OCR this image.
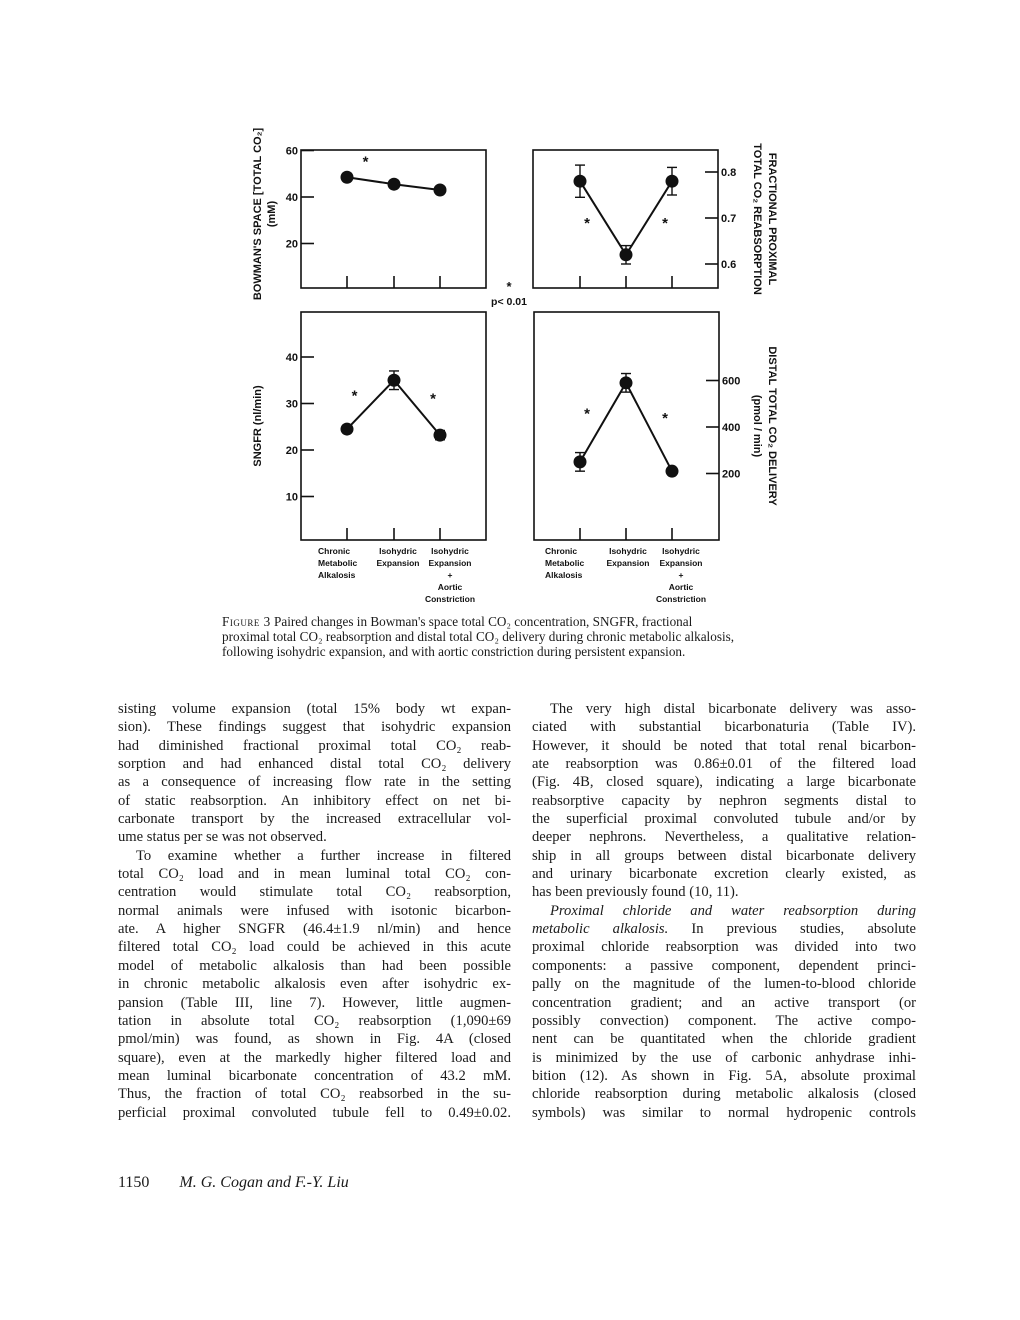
20
40
60
*
BOWMAN'S SPACE [TOTAL CO₂] (mM)
0.6
0.7
0.8
*	*	FRACTIONAL PROXIMAL
TOTAL CO₂ REABSORPTION
10
20
30
40
*	*
SNGFR (nl/min)
Chronic
Metabolic
Alkalosis
Isohydric
Expansion
Isohydric
Expansion
+
Aortic
Constriction
200
400
600
*	*	DISTAL TOTAL CO₂ DELIVERY
(pmol / min)
Chronic
Metabolic
Alkalosis
Isohydric
Expansion
Isohydric
Expansion
+
Aortic
Constriction
*
p< 0.01
Figure 3 Paired changes in Bowman's space total CO₂ concentration, SNGFR, fractional
proximal total CO₂ reabsorption and distal total CO₂ delivery during chronic metabolic alkalosis,
following isohydric expansion, and with aortic constriction during persistent expansion.
sisting volume expansion (total 15% body wt expan-
sion). These findings suggest that isohydric expansion
had diminished fractional proximal total CO₂ reab-
sorption and had enhanced distal total CO₂ delivery
as a consequence of increasing flow rate in the setting
of static reabsorption. An inhibitory effect on net bi-
carbonate transport by the increased extracellular vol-
ume status per se was not observed.
To examine whether a further increase in filtered
total CO₂ load and in mean luminal total CO₂ con-
centration would stimulate total CO₂ reabsorption,
normal animals were infused with isotonic bicarbon-
ate. A higher SNGFR (46.4±1.9 nl/min) and hence
filtered total CO₂ load could be achieved in this acute
model of metabolic alkalosis than had been possible
in chronic metabolic alkalosis even after isohydric ex-
pansion (Table III, line 7). However, little augmen-
tation in absolute total CO₂ reabsorption (1,090±69
pmol/min) was found, as shown in Fig. 4A (closed
square), even at the markedly higher filtered load and
mean luminal bicarbonate concentration of 43.2 mM.
Thus, the fraction of total CO₂ reabsorbed in the su-
perficial proximal convoluted tubule fell to 0.49±0.02.
The very high distal bicarbonate delivery was asso-
ciated with substantial bicarbonaturia (Table IV).
However, it should be noted that total renal bicarbon-
ate reabsorption was 0.86±0.01 of the filtered load
(Fig. 4B, closed square), indicating a large bicarbonate
reabsorptive capacity by nephron segments distal to
the superficial proximal convoluted tubule and/or by
deeper nephrons. Nevertheless, a qualitative relation-
ship in all groups between distal bicarbonate delivery
and urinary bicarbonate excretion clearly existed, as
has been previously found (10, 11).
Proximal chloride and water reabsorption during
metabolic alkalosis. In previous studies, absolute
proximal chloride reabsorption was divided into two
components: a passive component, dependent princi-
pally on the magnitude of the lumen-to-blood chloride
concentration gradient; and an active transport (or
possibly convection) component. The active compo-
nent can be quantitated when the chloride gradient
is minimized by the use of carbonic anhydrase inhi-
bition (12). As shown in Fig. 5A, absolute proximal
chloride reabsorption during metabolic alkalosis (closed
symbols) was similar to normal hydropenic controls
1150 M. G. Cogan and F.-Y. Liu
